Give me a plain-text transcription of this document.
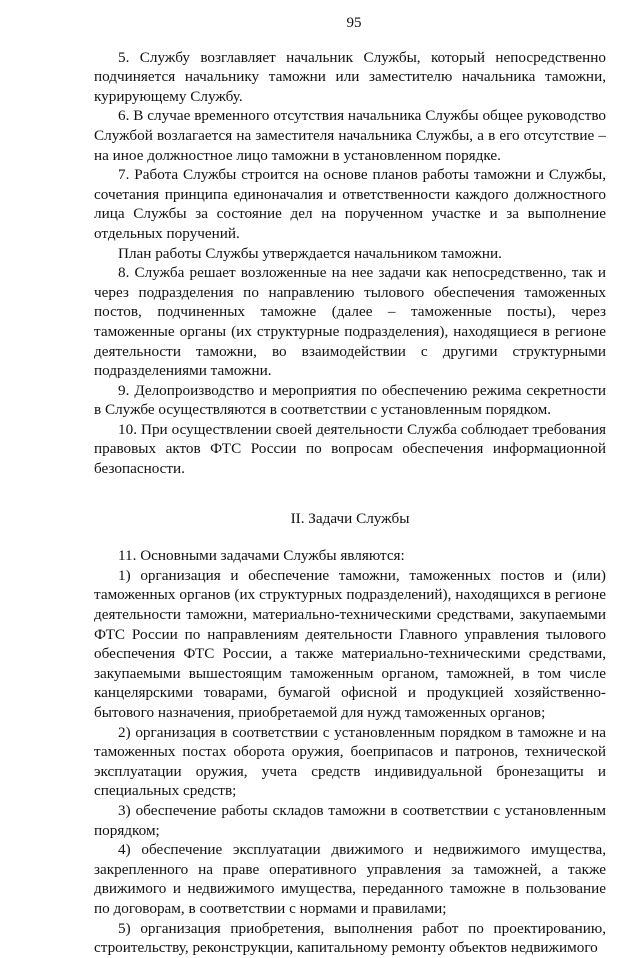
95

5. Службу возглавляет начальник Службы, который непосредственно подчиняется начальнику таможни или заместителю начальника таможни, курирующему Службу.

6. В случае временного отсутствия начальника Службы общее руководство Службой возлагается на заместителя начальника Службы, а в его отсутствие – на иное должностное лицо таможни в установленном порядке.

7. Работа Службы строится на основе планов работы таможни и Службы, сочетания принципа единоначалия и ответственности каждого должностного лица Службы за состояние дел на порученном участке и за выполнение отдельных поручений.

План работы Службы утверждается начальником таможни.

8. Служба решает возложенные на нее задачи как непосредственно, так и через подразделения по направлению тылового обеспечения таможенных постов, подчиненных таможне (далее – таможенные посты), через таможенные органы (их структурные подразделения), находящиеся в регионе деятельности таможни, во взаимодействии с другими структурными подразделениями таможни.

9. Делопроизводство и мероприятия по обеспечению режима секретности в Службе осуществляются в соответствии с установленным порядком.

10. При осуществлении своей деятельности Служба соблюдает требования правовых актов ФТС России по вопросам обеспечения информационной безопасности.

II. Задачи Службы

11. Основными задачами Службы являются:

1) организация и обеспечение таможни, таможенных постов и (или) таможенных органов (их структурных подразделений), находящихся в регионе деятельности таможни, материально-техническими средствами, закупаемыми ФТС России по направлениям деятельности Главного управления тылового обеспечения ФТС России, а также материально-техническими средствами, закупаемыми вышестоящим таможенным органом, таможней, в том числе канцелярскими товарами, бумагой офисной и продукцией хозяйственно-бытового назначения, приобретаемой для нужд таможенных органов;

2) организация в соответствии с установленным порядком в таможне и на таможенных постах оборота оружия, боеприпасов и патронов, технической эксплуатации оружия, учета средств индивидуальной бронезащиты и специальных средств;

3) обеспечение работы складов таможни в соответствии с установленным порядком;

4) обеспечение эксплуатации движимого и недвижимого имущества, закрепленного на праве оперативного управления за таможней, а также движимого и недвижимого имущества, переданного таможне в пользование по договорам, в соответствии с нормами и правилами;

5) организация приобретения, выполнения работ по проектированию, строительству, реконструкции, капитальному ремонту объектов недвижимого
